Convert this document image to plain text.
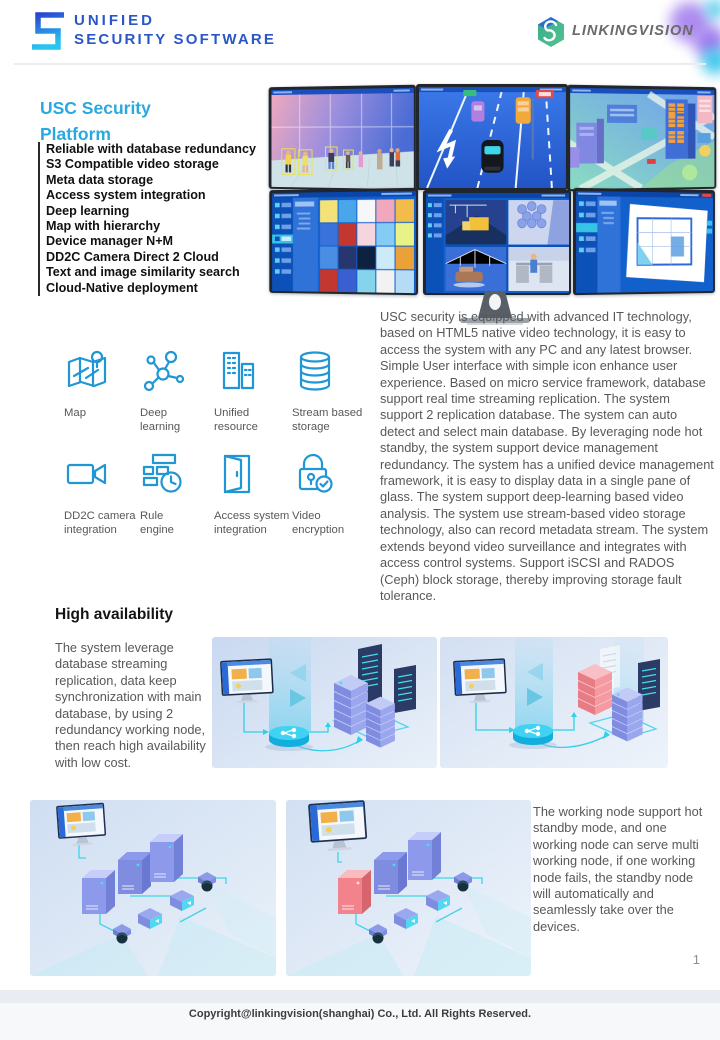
UNIFIED
SECURITY SOFTWARE	LINKINGVISION
USC Security
Platform
Reliable with database redundancy
S3 Compatible video storage
Meta data storage
Access system integration
Deep learning
Map with hierarchy
Device manager N+M
DD2C Camera Direct 2 Cloud
Text and image similarity search
Cloud-Native deployment
Map	Deep learning
Unified resource
Stream based storage
DD2C camera integration
Rule engine
Access system integration
Video encryption
USC security is equipped with advanced IT technology, based on HTML5 native video technology, it is easy to access the system with any PC and any latest browser. Simple User interface with simple icon enhance user experience. Based on micro service framework, database support real time streaming replication. The system support 2 replication database. The system can auto detect and select main database. By leveraging node hot standby, the system support device management redundancy. The system has a unified device management framework, it is easy to display data in a single pane of glass. The system support deep-learning based video analysis. The system use stream-based video storage technology, also can record metadata stream. The system extends beyond video surveillance and integrates with access control systems. Support iSCSI and RADOS (Ceph) block storage, thereby improving storage fault tolerance.
High availability
The system leverage database streaming replication, data keep synchronization with main database, by using 2 redundancy working node, then reach high availability with low cost.
The working node support hot standby mode, and one working node can serve multi working node, if one working node fails, the standby node will automatically and seamlessly take over the devices.
1
Copyright@linkingvision(shanghai) Co., Ltd. All Rights Reserved.
